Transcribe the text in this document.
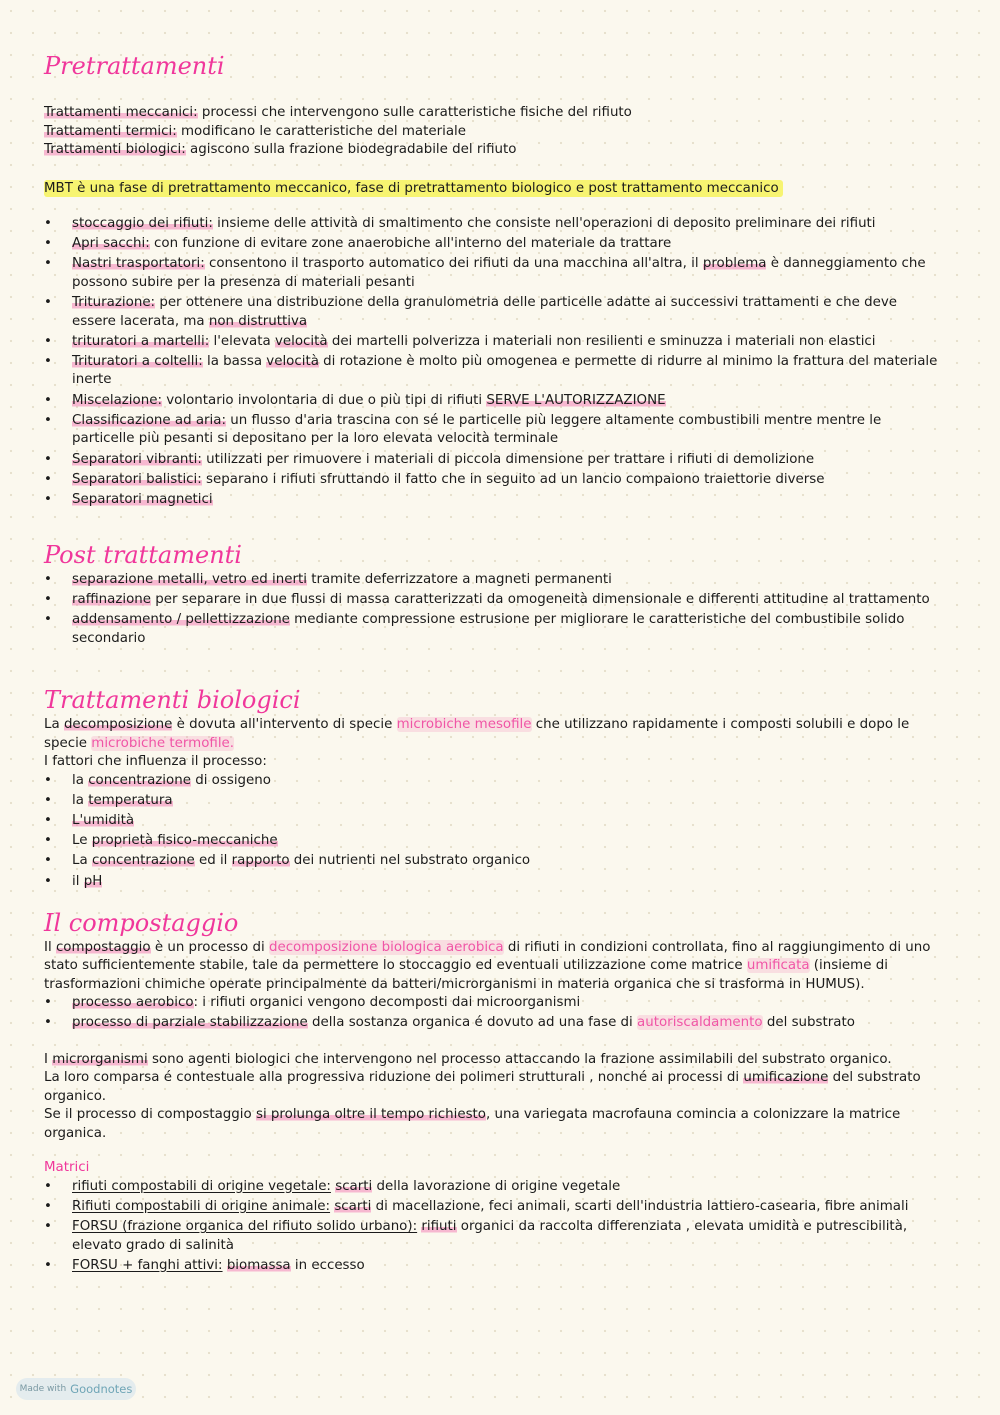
Pretrattamenti

Trattamenti meccanici: processi che intervengono sulle caratteristiche fisiche del rifiuto

Trattamenti termici: modificano le caratteristiche del materiale

Trattamenti biologici: agiscono sulla frazione biodegradabile del rifiuto

MBT è una fase di pretrattamento meccanico, fase di pretrattamento biologico e post trattamento meccanico

• stoccaggio dei rifiuti: insieme delle attività di smaltimento che consiste nell'operazioni di deposito preliminare dei rifiuti
• Apri sacchi: con funzione di evitare zone anaerobiche all'interno del materiale da trattare
• Nastri trasportatori: consentono il trasporto automatico dei rifiuti da una macchina all'altra, il problema è danneggiamento che possono subire per la presenza di materiali pesanti
• Triturazione: per ottenere una distribuzione della granulometria delle particelle adatte ai successivi trattamenti e che deve essere lacerata, ma non distruttiva
• trituratori a martelli: l'elevata velocità dei martelli polverizza i materiali non resilienti e sminuzza i materiali non elastici
• Trituratori a coltelli: la bassa velocità di rotazione è molto più omogenea e permette di ridurre al minimo la frattura del materiale inerte
• Miscelazione: volontario involontaria di due o più tipi di rifiuti SERVE L'AUTORIZZAZIONE
• Classificazione ad aria: un flusso d'aria trascina con sé le particelle più leggere altamente combustibili mentre mentre le particelle più pesanti si depositano per la loro elevata velocità terminale
• Separatori vibranti: utilizzati per rimuovere i materiali di piccola dimensione per trattare i rifiuti di demolizione
• Separatori balistici: separano i rifiuti sfruttando il fatto che in seguito ad un lancio compaiono traiettorie diverse
• Separatori magnetici
Post trattamenti
• separazione metalli, vetro ed inerti tramite deferrizzatore a magneti permanenti
• raffinazione per separare in due flussi di massa caratterizzati da omogeneità dimensionale e differenti attitudine al trattamento
• addensamento / pellettizzazione mediante compressione estrusione per migliorare le caratteristiche del combustibile solido secondario
Trattamenti biologici

La decomposizione è dovuta all'intervento di specie microbiche mesofile che utilizzano rapidamente i composti solubili e dopo le specie microbiche termofile.

I fattori che influenza il processo:

• la concentrazione di ossigeno
• la temperatura
• L'umidità
• Le proprietà fisico-meccaniche
• La concentrazione ed il rapporto dei nutrienti nel substrato organico
• il pH
Il compostaggio

Il compostaggio è un processo di decomposizione biologica aerobica di rifiuti in condizioni controllata, fino al raggiungimento di uno stato sufficientemente stabile, tale da permettere lo stoccaggio ed eventuali utilizzazione come matrice umificata (insieme di trasformazioni chimiche operate principalmente da batteri/microrganismi in materia organica che si trasforma in HUMUS).

• processo aerobico: i rifiuti organici vengono decomposti dai microorganismi
• processo di parziale stabilizzazione della sostanza organica é dovuto ad una fase di autoriscaldamento del substrato

I microrganismi sono agenti biologici che intervengono nel processo attaccando la frazione assimilabili del substrato organico.

La loro comparsa é contestuale alla progressiva riduzione dei polimeri strutturali , nonché ai processi di umificazione del substrato organico.

Se il processo di compostaggio si prolunga oltre il tempo richiesto, una variegata macrofauna comincia a colonizzare la matrice organica.

Matrici

• rifiuti compostabili di origine vegetale: scarti della lavorazione di origine vegetale
• Rifiuti compostabili di origine animale: scarti di macellazione, feci animali, scarti dell'industria lattiero-casearia, fibre animali
• FORSU (frazione organica del rifiuto solido urbano): rifiuti organici da raccolta differenziata , elevata umidità e putrescibilità, elevato grado di salinità
• FORSU + fanghi attivi: biomassa in eccesso
Made with Goodnotes
